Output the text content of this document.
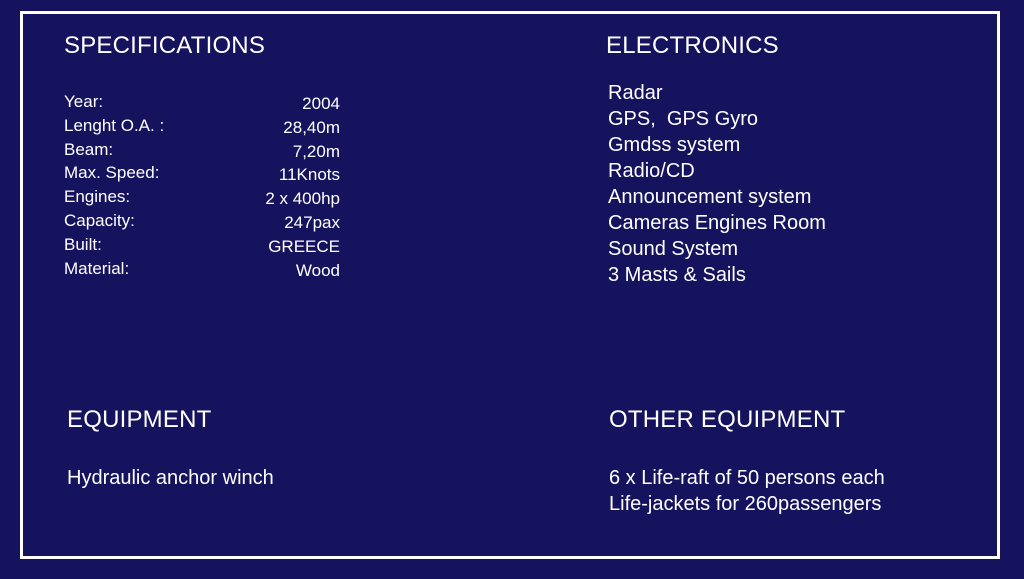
SPECIFICATIONS
Year:	2004
Lenght O.A. :	28,40m
Beam:	7,20m
Max. Speed:	11Knots
Engines:	2 x 400hp
Capacity:	247pax
Built:	GREECE
Material:	Wood
ELECTRONICS
Radar
GPS,  GPS Gyro
Gmdss system
Radio/CD
Announcement system
Cameras Engines Room
Sound System
3 Masts & Sails
EQUIPMENT
Hydraulic anchor winch
OTHER EQUIPMENT
6 x Life-raft of 50 persons each
Life-jackets for 260passengers
